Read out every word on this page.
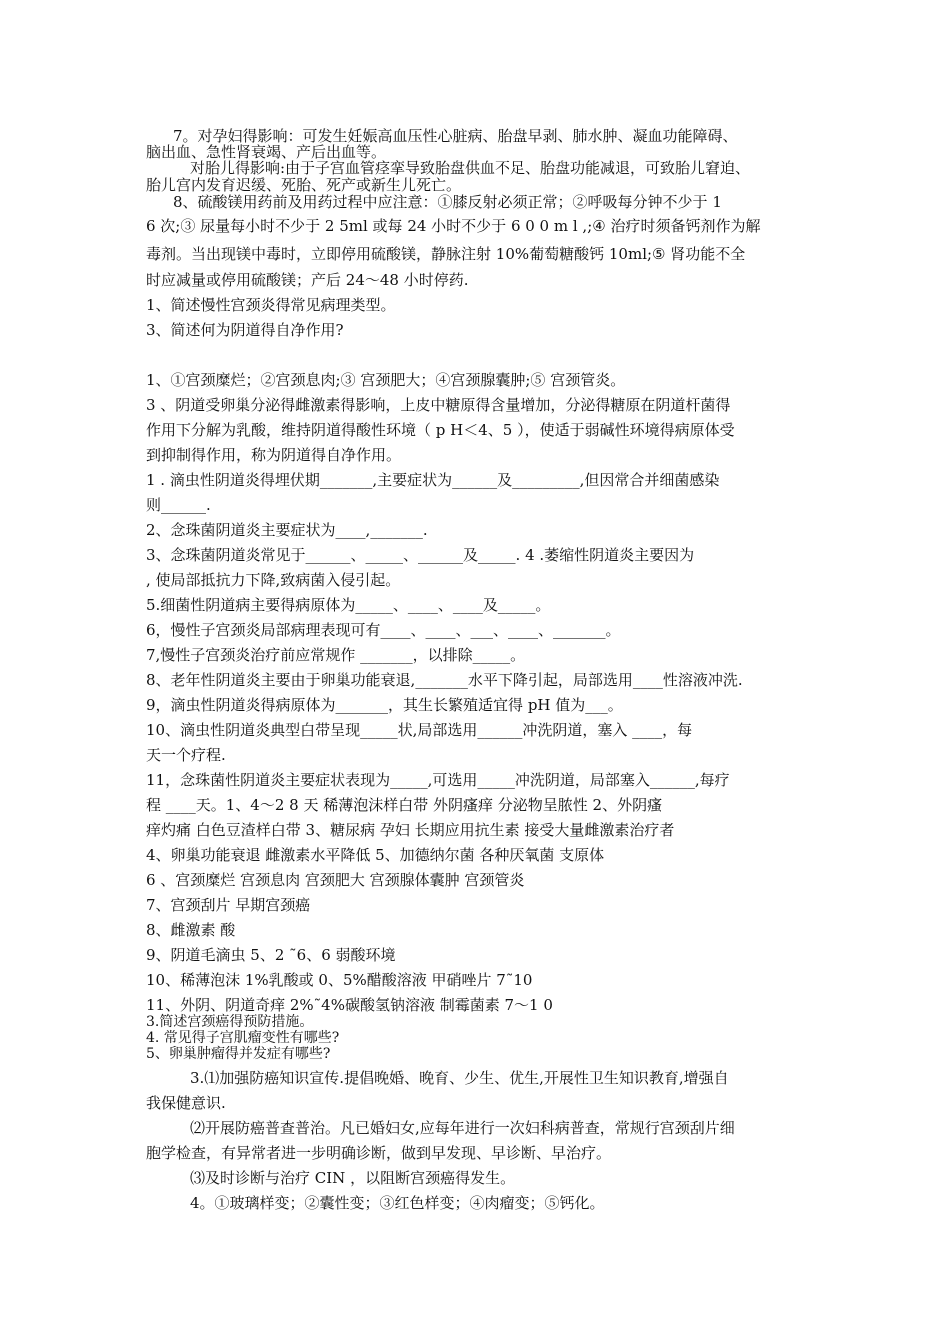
7。对孕妇得影响：可发生妊娠高血压性心脏病、胎盘早剥、肺水肿、凝血功能障碍、
脑出血、急性肾衰竭、产后出血等。
对胎儿得影响:由于子宫血管痉挛导致胎盘供血不足、胎盘功能减退，可致胎儿窘迫、
胎儿宫内发育迟缓、死胎、死产或新生儿死亡。
8、硫酸镁用药前及用药过程中应注意：①膝反射必须正常；②呼吸每分钟不少于 1
6 次;③ 尿量每小时不少于 2 5ml 或每 24 小时不少于 6 0 0 m l ,;④ 治疗时须备钙剂作为解
毒剂。当出现镁中毒时，立即停用硫酸镁，静脉注射 10%葡萄糖酸钙 10ml;⑤ 肾功能不全
时应减量或停用硫酸镁；产后 24～48 小时停药.
1、简述慢性宫颈炎得常见病理类型。
3、简述何为阴道得自净作用?
1、①宫颈糜烂；②宫颈息肉;③ 宫颈肥大；④宫颈腺囊肿;⑤ 宫颈管炎。
3 、阴道受卵巢分泌得雌激素得影响，上皮中糖原得含量增加，分泌得糖原在阴道杆菌得
作用下分解为乳酸，维持阴道得酸性环境（ p H＜4、5 ），使适于弱碱性环境得病原体受
到抑制得作用，称为阴道得自净作用。 ﻿
1 . 滴虫性阴道炎得埋伏期_______,主要症状为______及_________,但因常合并细菌感染
则______.
2、念珠菌阴道炎主要症状为____,_______.
3、念珠菌阴道炎常见于______、_____、______及_____. 4 ﻿.萎缩性阴道炎主要因为
, 使局部抵抗力下降,致病菌入侵引起。
5.细菌性阴道病主要得病原体为_____、____、____及_____。
6，慢性子宫颈炎局部病理表现可有____、____、___、____、_______。
7,慢性子宫颈炎治疗前应常规作 _______，以排除_____。
8、老年性阴道炎主要由于卵巢功能衰退,_______水平下降引起，局部选用____性溶液冲洗.
9，滴虫性阴道炎得病原体为_______，其生长繁殖适宜得 pH 值为___。
10、滴虫性阴道炎典型白带呈现_____状,局部选用______冲洗阴道，塞入 ____，每
天一个疗程.
11，念珠菌性阴道炎主要症状表现为_____,可选用_____冲洗阴道，局部塞入______,每疗
程 ____天。1、4～2 8 天 稀薄泡沫样白带 外阴瘙痒 分泌物呈脓性 2﻿、外阴瘙
痒灼痛 白色豆渣样白带 3﻿、糖尿病 孕妇 长期应用抗生素 接受大量雌激素治疗者
4﻿、卵巢功能衰退 雌激素水平降低 5﻿、加德纳尔菌 各种厌氧菌 支原体
6 、宫颈糜烂 宫颈息肉 宫颈肥大 宫颈腺体囊肿 宫颈管炎
7、宫颈刮片 早期宫颈癌
8、雌激素 酸
9、阴道毛滴虫 5、2 ˜6、6 弱酸环境
10、稀薄泡沫 1%乳酸或 0、5%醋酸溶液 甲硝唑片 7˜10
11、外阴、阴道奇痒 2%˜4%碳酸氢钠溶液 制霉菌素 7～1 0
3.简述宫颈癌得预防措施。
4. 常见得子宫肌瘤变性有哪些?
5、卵巢肿瘤得并发症有哪些?
3.⑴加强防癌知识宣传.提倡晚婚、晚育、少生、优生,开展性卫生知识教育,增强自
我保健意识.
⑵开展防癌普查普治。凡已婚妇女,应每年进行一次妇科病普查，常规行宫颈刮片细
胞学检查，有异常者进一步明确诊断，做到早发现、早诊断、早治疗。
⑶及时诊断与治疗 CIN ，以阻断宫颈癌得发生。
4。①玻璃样变；②囊性变；③红色样变；④肉瘤变；⑤钙化。
